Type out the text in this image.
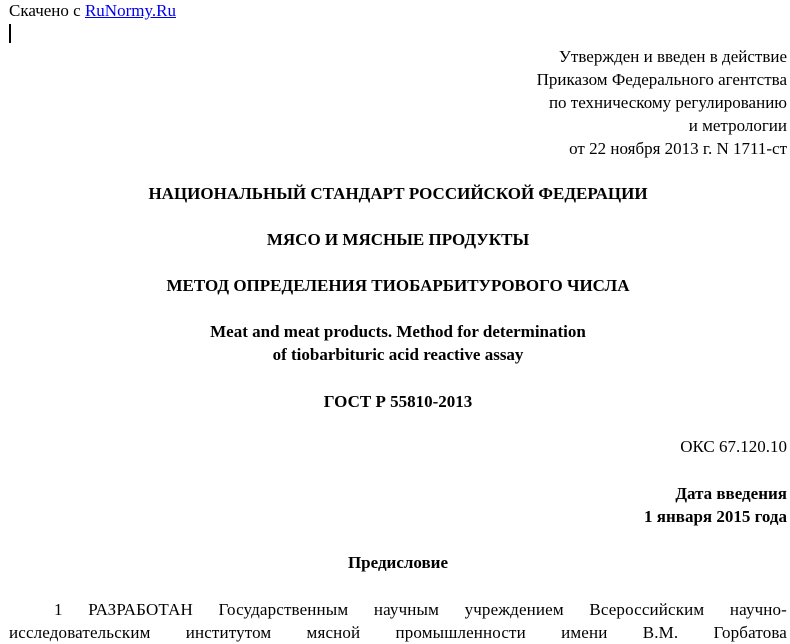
Скачено с RuNormy.Ru
Утвержден и введен в действие
Приказом Федерального агентства
по техническому регулированию
и метрологии
от 22 ноября 2013 г. N 1711-ст
НАЦИОНАЛЬНЫЙ СТАНДАРТ РОССИЙСКОЙ ФЕДЕРАЦИИ
МЯСО И МЯСНЫЕ ПРОДУКТЫ
МЕТОД ОПРЕДЕЛЕНИЯ ТИОБАРБИТУРОВОГО ЧИСЛА
Meat and meat products. Method for determination
of tiobarbituric acid reactive assay
ГОСТ Р 55810-2013
ОКС 67.120.10
Дата введения
1 января 2015 года
Предисловие

1 РАЗРАБОТАН Государственным научным учреждением Всероссийским научно-исследовательским институтом мясной промышленности имени В.М. Горбатова
